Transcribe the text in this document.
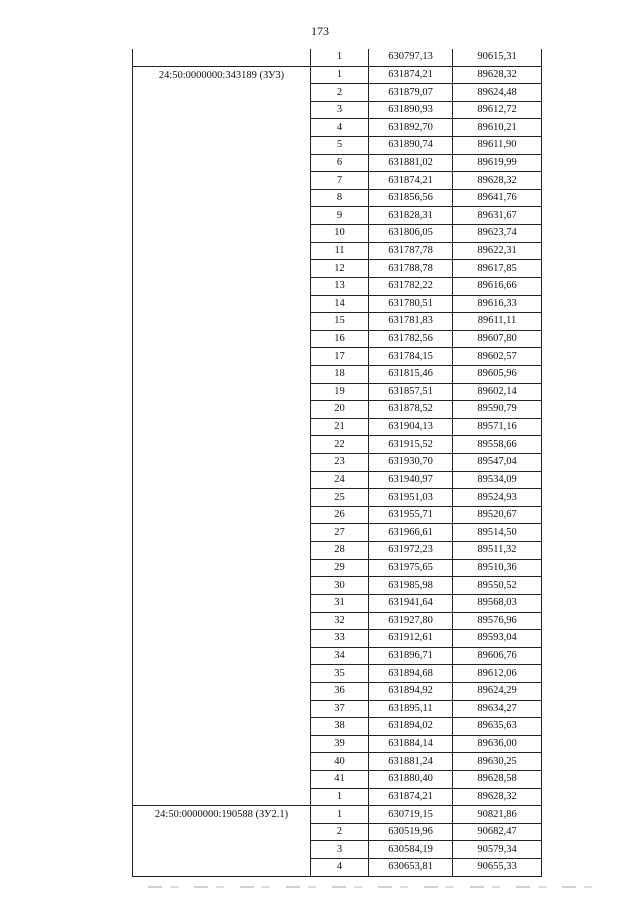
173
	1	630797,13	90615,31

24:50:0000000:343189 (ЗУ3)	1	631874,21	89628,32
	2	631879,07	89624,48
	3	631890,93	89612,72
	4	631892,70	89610,21
	5	631890,74	89611,90
	6	631881,02	89619,99
	7	631874,21	89628,32
	8	631856,56	89641,76
	9	631828,31	89631,67
	10	631806,05	89623,74
	11	631787,78	89622,31
	12	631788,78	89617,85
	13	631782,22	89616,66
	14	631780,51	89616,33
	15	631781,83	89611,11
	16	631782,56	89607,80
	17	631784,15	89602,57
	18	631815,46	89605,96
	19	631857,51	89602,14
	20	631878,52	89590,79
	21	631904,13	89571,16
	22	631915,52	89558,66
	23	631930,70	89547,04
	24	631940,97	89534,09
	25	631951,03	89524,93
	26	631955,71	89520,67
	27	631966,61	89514,50
	28	631972,23	89511,32
	29	631975,65	89510,36
	30	631985,98	89550,52
	31	631941,64	89568,03
	32	631927,80	89576,96
	33	631912,61	89593,04
	34	631896,71	89606,76
	35	631894,68	89612,06
	36	631894,92	89624,29
	37	631895,11	89634,27
	38	631894,02	89635,63
	39	631884,14	89636,00
	40	631881,24	89630,25
	41	631880,40	89628,58
	1	631874,21	89628,32

24:50:0000000:190588 (ЗУ2.1)	1	630719,15	90821,86
	2	630519,96	90682,47
	3	630584,19	90579,34
	4	630653,81	90655,33
